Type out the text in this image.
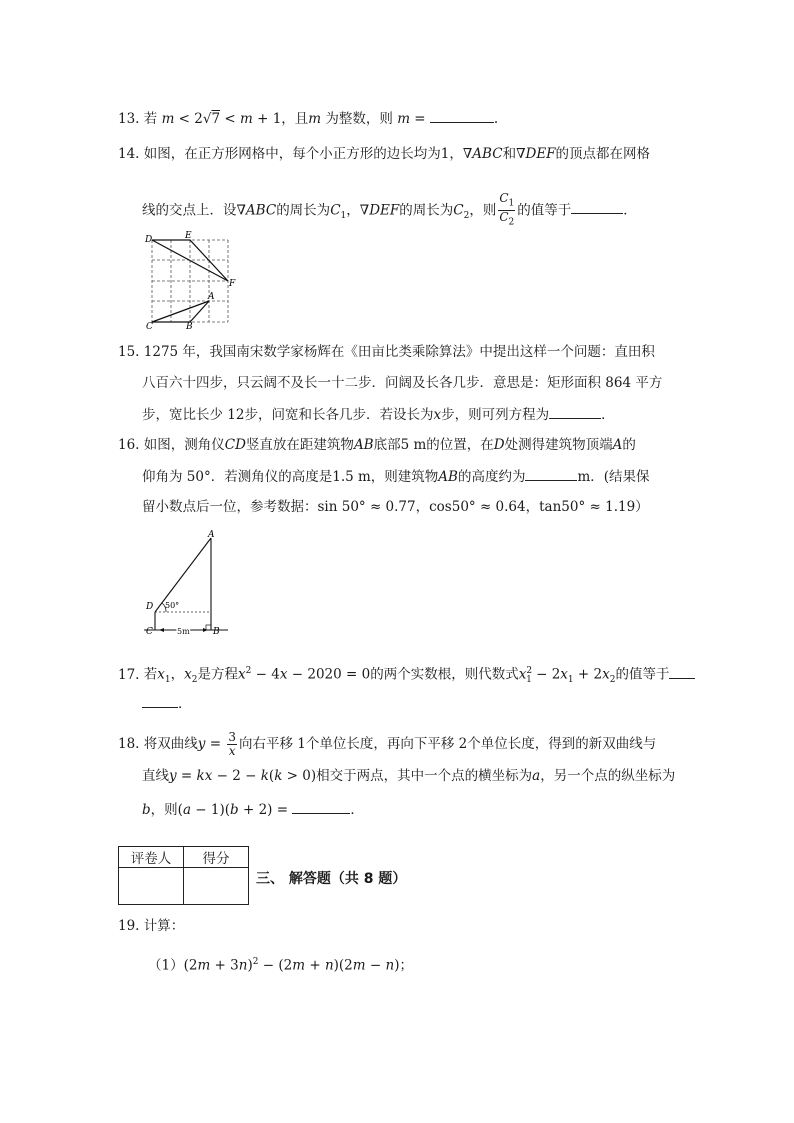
13. 若 m < 2√7 < m + 1，且m 为整数，则 m =	.
14. 如图，在正方形网格中，每个小正方形的边长均为1，∇ABC和∇DEF的顶点都在网格
线的交点上．设∇ABC的周长为$C_1$，∇DEF的周长为$C_2$，则 $\frac{C_1}{C_2}$ 的值等于	．
D	E
F
A
C	B
15. 1275 年，我国南宋数学家杨辉在《田亩比类乘除算法》中提出这样一个问题：直田积
八百六十四步，只云阔不及长一十二步．问阔及长各几步．意思是：矩形面积 864 平方
步，宽比长少 12步，问宽和长各几步．若设长为x步，则可列方程为	．
16. 如图，测角仪CD竖直放在距建筑物AB底部5 m的位置，在D处测得建筑物顶端A的
仰角为 50°．若测角仪的高度是1.5 m，则建筑物AB的高度约为	m．(结果保
留小数点后一位，参考数据：sin 50° ≈ 0.77，cos50° ≈ 0.64，tan50° ≈ 1.19）
A
D
C	B
50°
5m
17. 若$x_1$，$x_2$是方程$x^2 - 4x - 2020 = 0$的两个实数根，则代数式$x^2_1 - 2x_1 + 2x_2$的值等于
．
18. 将双曲线$y = \frac{3}{x}$ 向右平移 1个单位长度，再向下平移 2个单位长度，得到的新双曲线与
直线y = kx − 2 − k(k > 0)相交于两点，其中一个点的横坐标为a，另一个点的纵坐标为
b，则(a − 1)(b + 2) =	．
评卷人	得分

三、 解答题（共 8 题）
19. 计算：
$(1)(2m + 3n)^2 - (2m + n)(2m - n)$；
